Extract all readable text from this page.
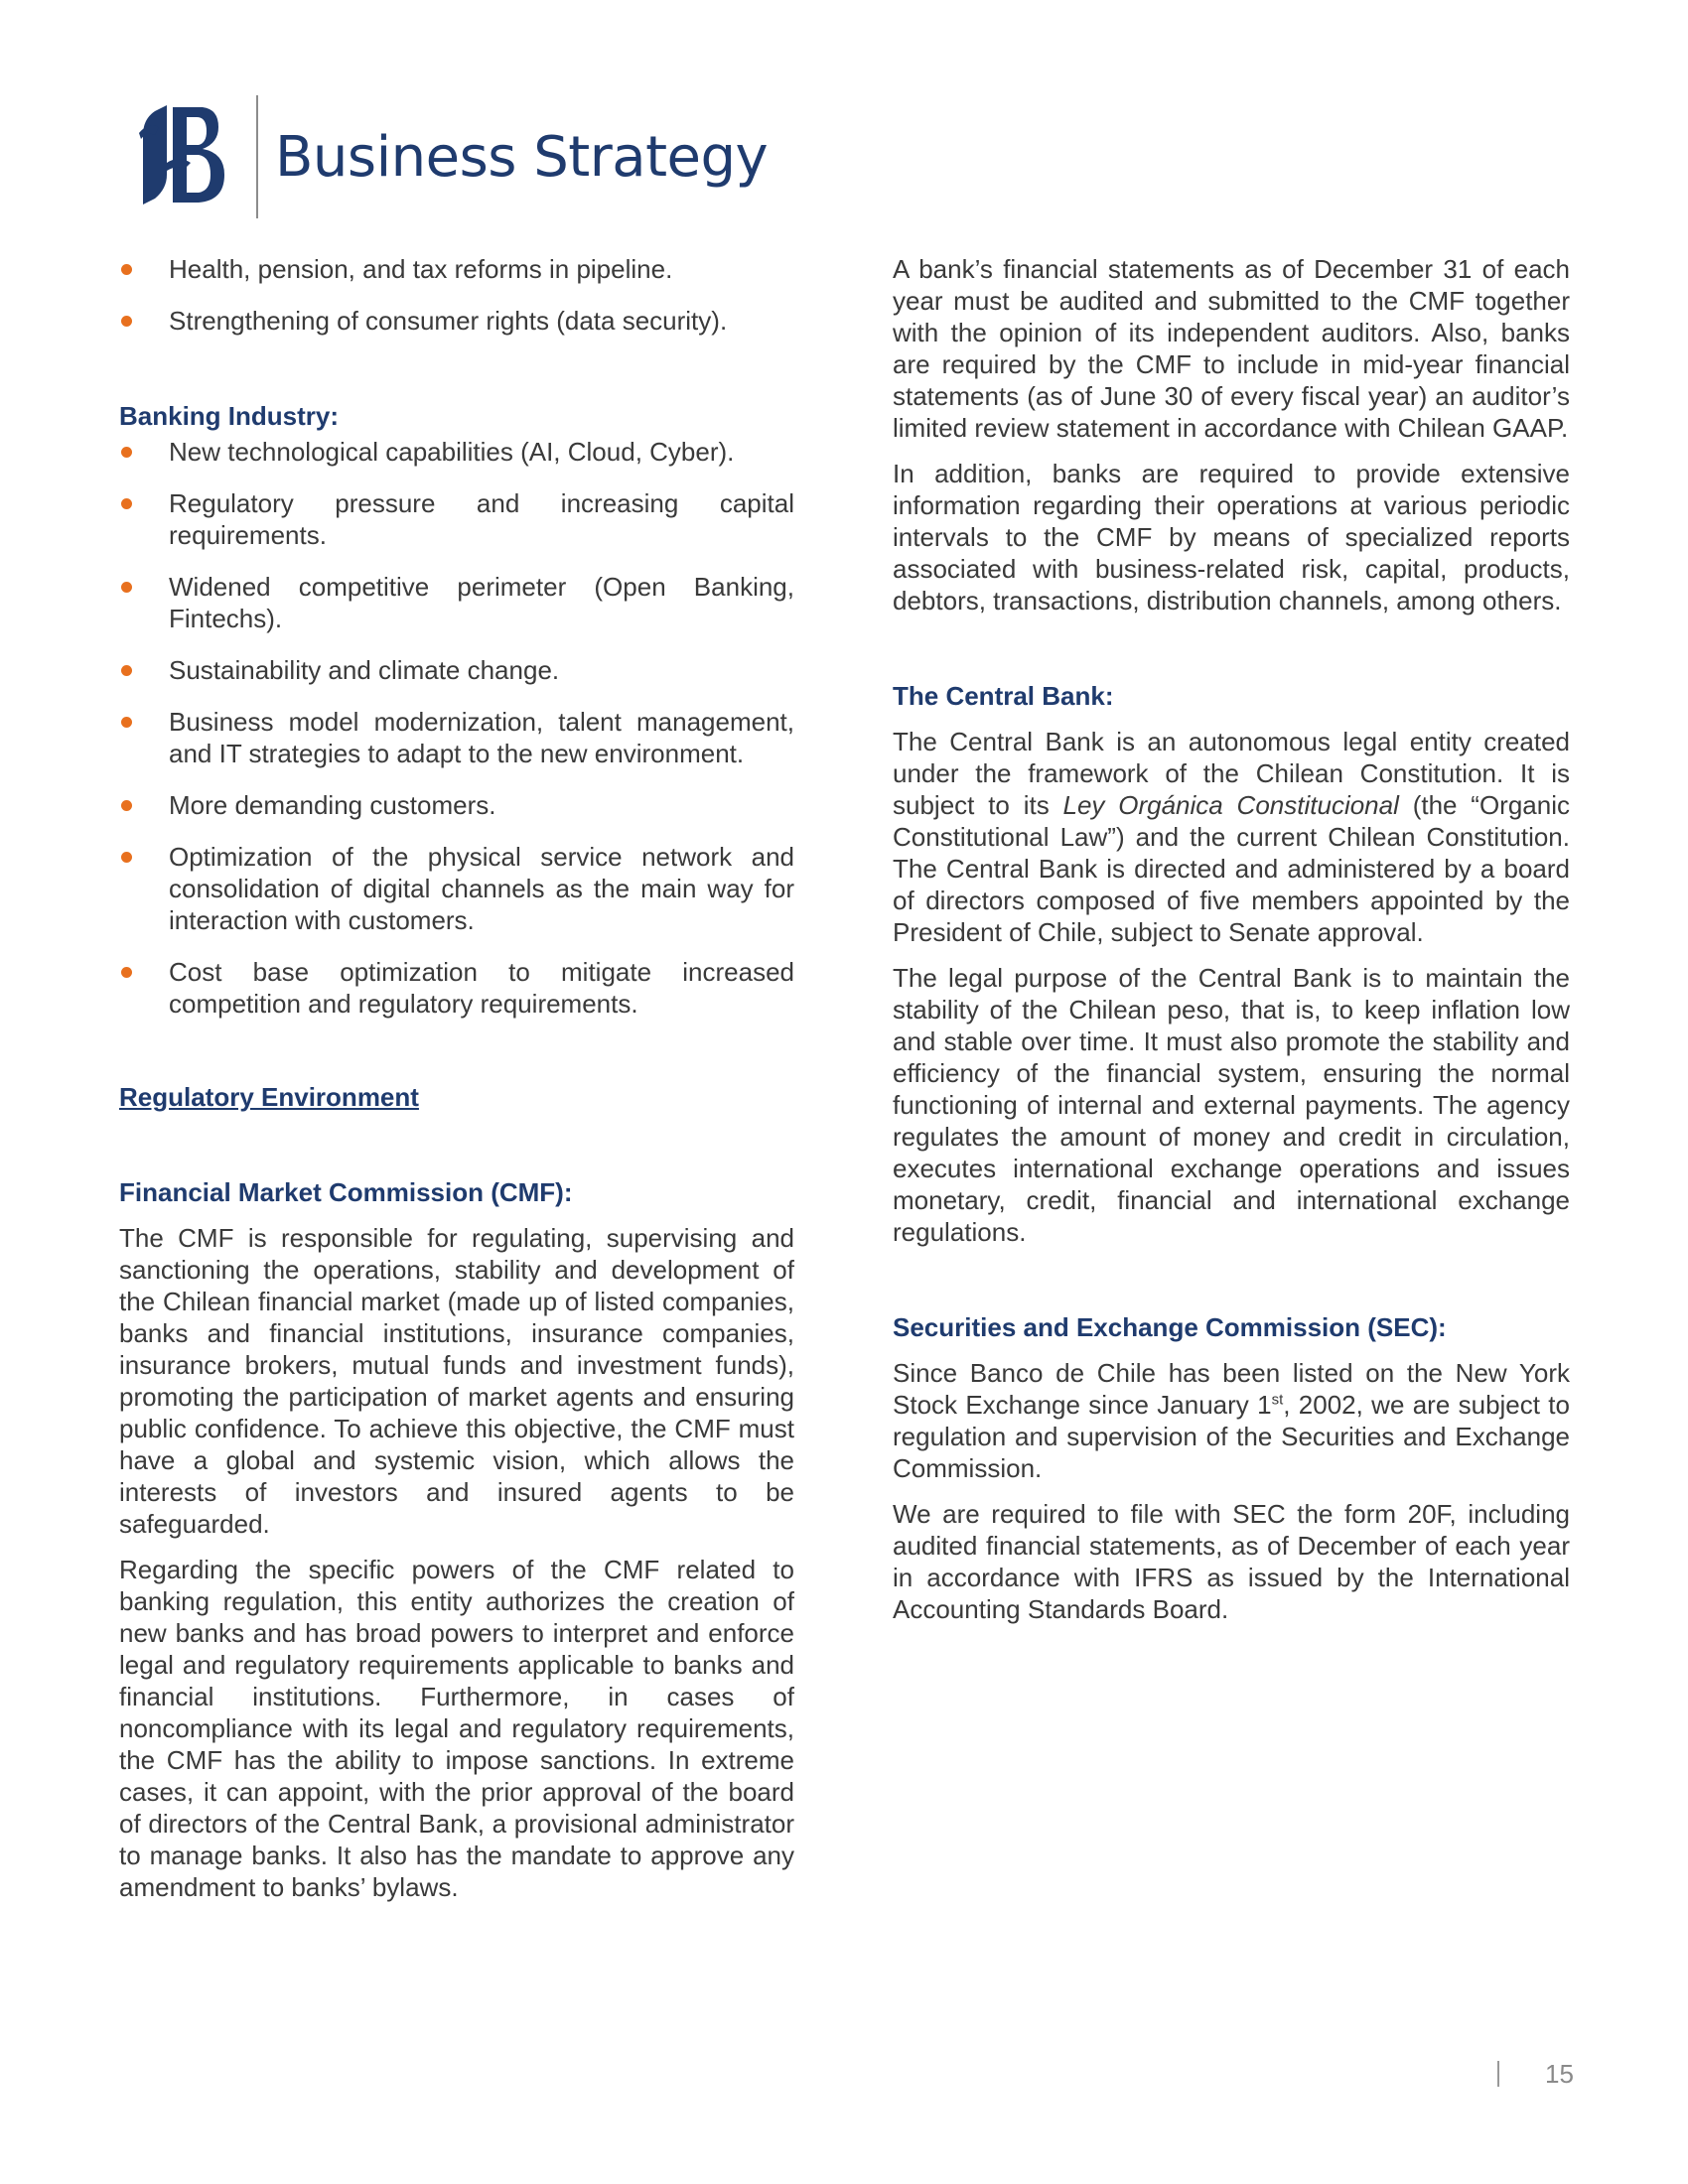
Business Strategy
Health, pension, and tax reforms in pipeline.
Strengthening of consumer rights (data security).
Banking Industry:
New technological capabilities (AI, Cloud, Cyber).
Regulatory pressure and increasing capital requirements.
Widened competitive perimeter (Open Banking, Fintechs).
Sustainability and climate change.
Business model modernization, talent management, and IT strategies to adapt to the new environment.
More demanding customers.
Optimization of the physical service network and consolidation of digital channels as the main way for interaction with customers.
Cost base optimization to mitigate increased competition and regulatory requirements.
Regulatory Environment
Financial Market Commission (CMF):

The CMF is responsible for regulating, supervising and sanctioning the operations, stability and development of the Chilean financial market (made up of listed companies, banks and financial institutions, insurance companies, insurance brokers, mutual funds and investment funds), promoting the participation of market agents and ensuring public confidence. To achieve this objective, the CMF must have a global and systemic vision, which allows the interests of investors and insured agents to be safeguarded.

Regarding the specific powers of the CMF related to banking regulation, this entity authorizes the creation of new banks and has broad powers to interpret and enforce legal and regulatory requirements applicable to banks and financial institutions. Furthermore, in cases of noncompliance with its legal and regulatory requirements, the CMF has the ability to impose sanctions. In extreme cases, it can appoint, with the prior approval of the board of directors of the Central Bank, a provisional administrator to manage banks. It also has the mandate to approve any amendment to banks’ bylaws.

A bank’s financial statements as of December 31 of each year must be audited and submitted to the CMF together with the opinion of its independent auditors. Also, banks are required by the CMF to include in mid-year financial statements (as of June 30 of every fiscal year) an auditor’s limited review statement in accordance with Chilean GAAP.

In addition, banks are required to provide extensive information regarding their operations at various periodic intervals to the CMF by means of specialized reports associated with business-related risk, capital, products, debtors, transactions, distribution channels, among others.

The Central Bank:

The Central Bank is an autonomous legal entity created under the framework of the Chilean Constitution. It is subject to its Ley Orgánica Constitucional (the “Organic Constitutional Law”) and the current Chilean Constitution. The Central Bank is directed and administered by a board of directors composed of five members appointed by the President of Chile, subject to Senate approval.

The legal purpose of the Central Bank is to maintain the stability of the Chilean peso, that is, to keep inflation low and stable over time. It must also promote the stability and efficiency of the financial system, ensuring the normal functioning of internal and external payments. The agency regulates the amount of money and credit in circulation, executes international exchange operations and issues monetary, credit, financial and international exchange regulations.

Securities and Exchange Commission (SEC):

Since Banco de Chile has been listed on the New York Stock Exchange since January 1st, 2002, we are subject to regulation and supervision of the Securities and Exchange Commission.

We are required to file with SEC the form 20F, including audited financial statements, as of December of each year in accordance with IFRS as issued by the International Accounting Standards Board.

15
